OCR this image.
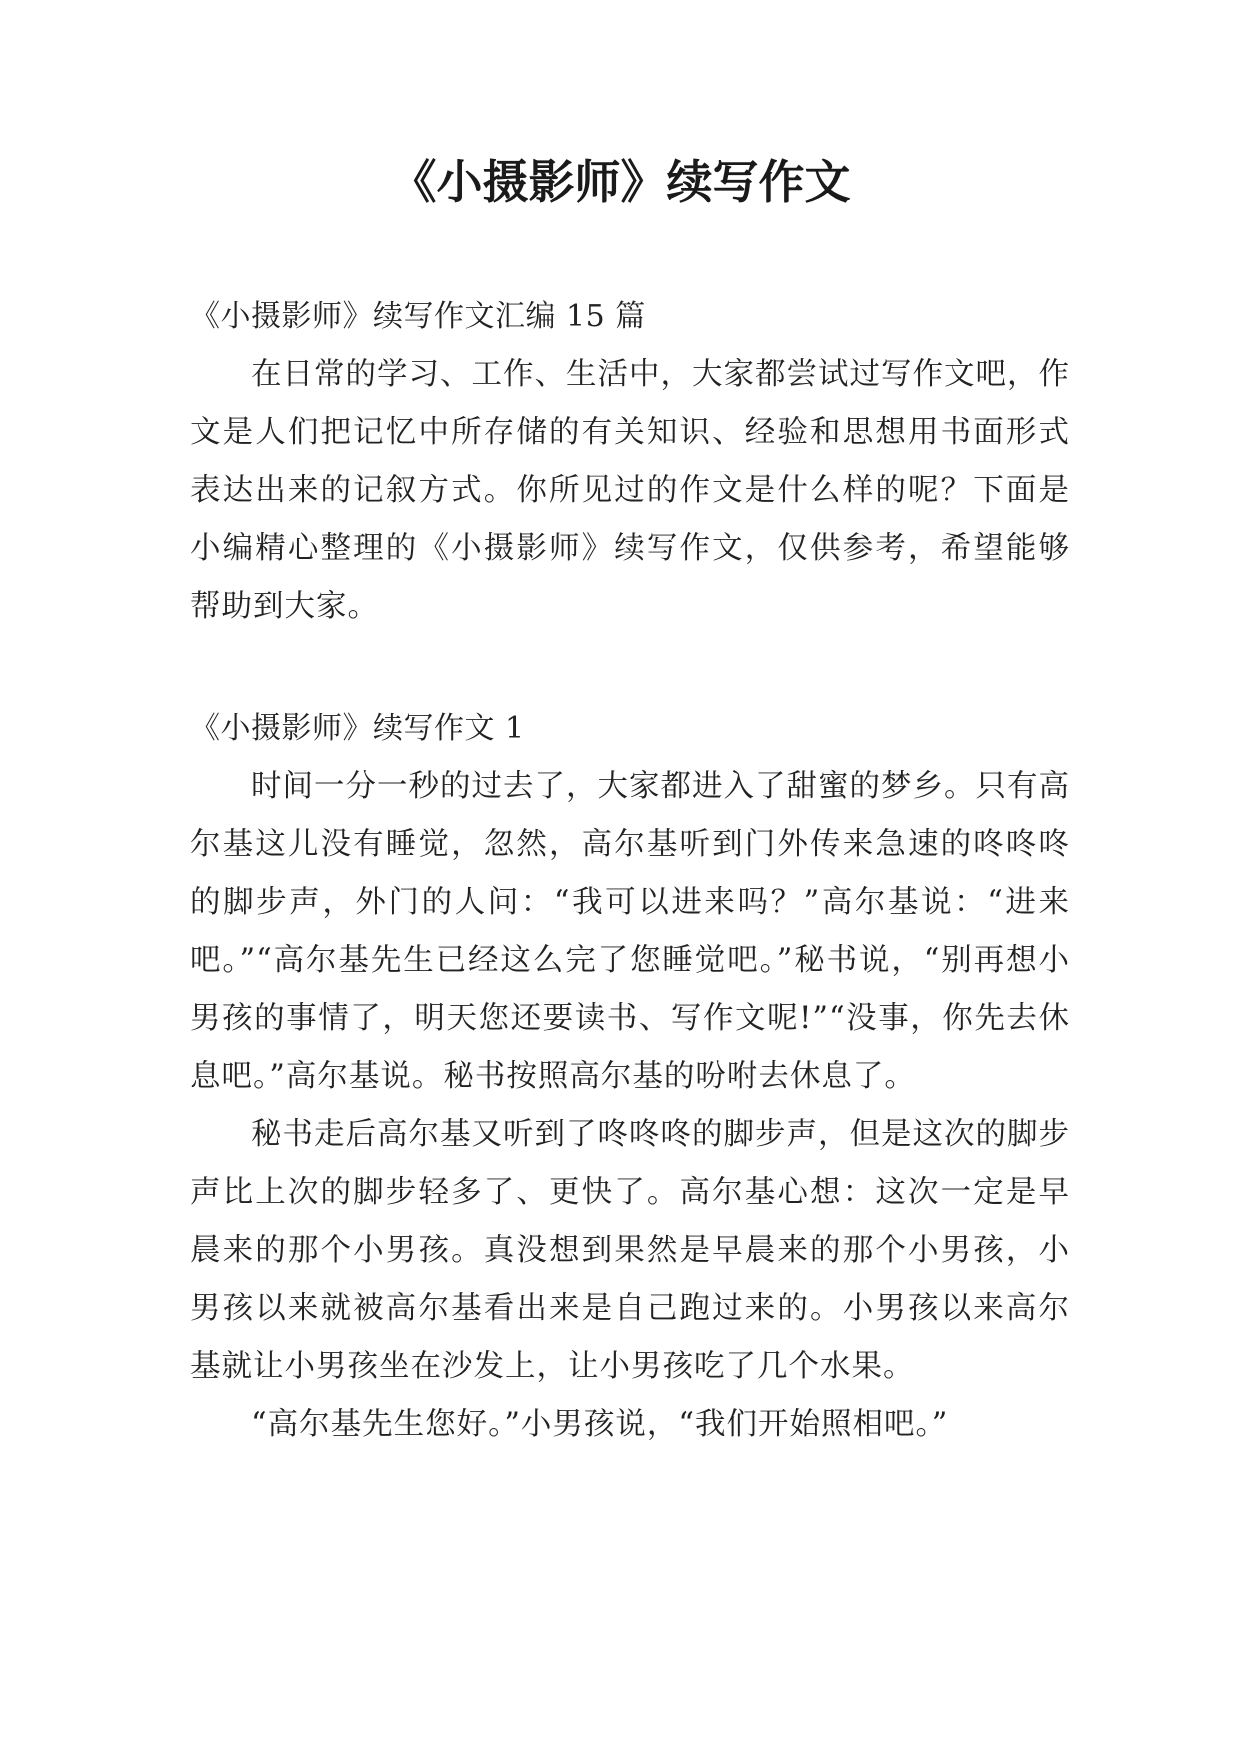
《小摄影师》续写作文

《小摄影师》续写作文汇编 15 篇

在日常的学习、工作、生活中，大家都尝试过写作文吧，作文是人们把记忆中所存储的有关知识、经验和思想用书面形式表达出来的记叙方式。你所见过的作文是什么样的呢？下面是小编精心整理的《小摄影师》续写作文，仅供参考，希望能够帮助到大家。

《小摄影师》续写作文 1

时间一分一秒的过去了，大家都进入了甜蜜的梦乡。只有高尔基这儿没有睡觉，忽然，高尔基听到门外传来急速的咚咚咚的脚步声，外门的人问：“我可以进来吗？”高尔基说：“进来吧。”“高尔基先生已经这么完了您睡觉吧。”秘书说，“别再想小男孩的事情了，明天您还要读书、写作文呢!”“没事，你先去休息吧。”高尔基说。秘书按照高尔基的吩咐去休息了。

秘书走后高尔基又听到了咚咚咚的脚步声，但是这次的脚步声比上次的脚步轻多了、更快了。高尔基心想：这次一定是早晨来的那个小男孩。真没想到果然是早晨来的那个小男孩，小男孩以来就被高尔基看出来是自己跑过来的。小男孩以来高尔基就让小男孩坐在沙发上，让小男孩吃了几个水果。

“高尔基先生您好。”小男孩说，“我们开始照相吧。”
